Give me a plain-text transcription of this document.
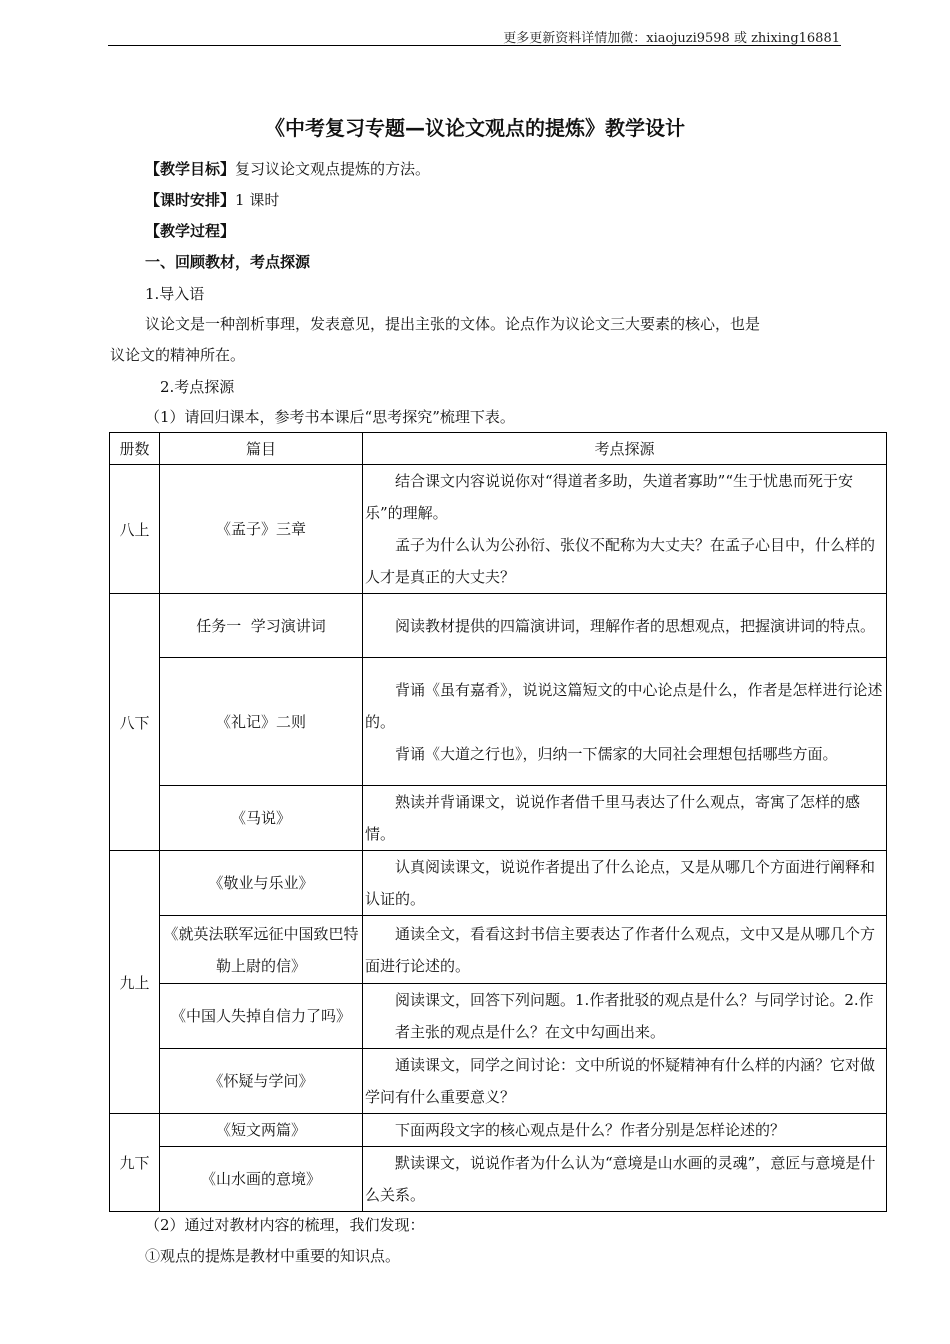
更多更新资料详情加微：xiaojuzi9598 或 zhixing16881
《中考复习专题—议论文观点的提炼》教学设计
【教学目标】复习议论文观点提炼的方法。
【课时安排】1 课时
【教学过程】
一、回顾教材，考点探源
1.导入语
议论文是一种剖析事理，发表意见，提出主张的文体。论点作为议论文三大要素的核心，也是
议论文的精神所在。
2.考点探源
（1）请回归课本，参考书本课后“思考探究”梳理下表。
册数	篇目	考点探源
八上	《孟子》三章	结合课文内容说说你对“得道者多助，失道者寡助”“生于忧患而死于安乐”的理解。

孟子为什么认为公孙衍、张仪不配称为大丈夫？在孟子心目中，什么样的人才是真正的大丈夫？

八下	任务一  学习演讲词	阅读教材提供的四篇演讲词，理解作者的思想观点，把握演讲词的特点。

	《礼记》二则	背诵《虽有嘉肴》，说说这篇短文的中心论点是什么，作者是怎样进行论述的。

背诵《大道之行也》，归纳一下儒家的大同社会理想包括哪些方面。

	《马说》	熟读并背诵课文，说说作者借千里马表达了什么观点，寄寓了怎样的感情。

九上	《敬业与乐业》	认真阅读课文，说说作者提出了什么论点，又是从哪几个方面进行阐释和认证的。

	《就英法联军远征中国致巴特勒上尉的信》	通读全文，看看这封书信主要表达了作者什么观点，文中又是从哪几个方面进行论述的。

	《中国人失掉自信力了吗》	阅读课文，回答下列问题。1.作者批驳的观点是什么？与同学讨论。2.作者主张的观点是什么？在文中勾画出来。

	《怀疑与学问》	通读课文，同学之间讨论：文中所说的怀疑精神有什么样的内涵？它对做学问有什么重要意义？

九下	《短文两篇》	下面两段文字的核心观点是什么？作者分别是怎样论述的？

	《山水画的意境》	默读课文，说说作者为什么认为“意境是山水画的灵魂”，意匠与意境是什么关系。

（2）通过对教材内容的梳理，我们发现：
①观点的提炼是教材中重要的知识点。
